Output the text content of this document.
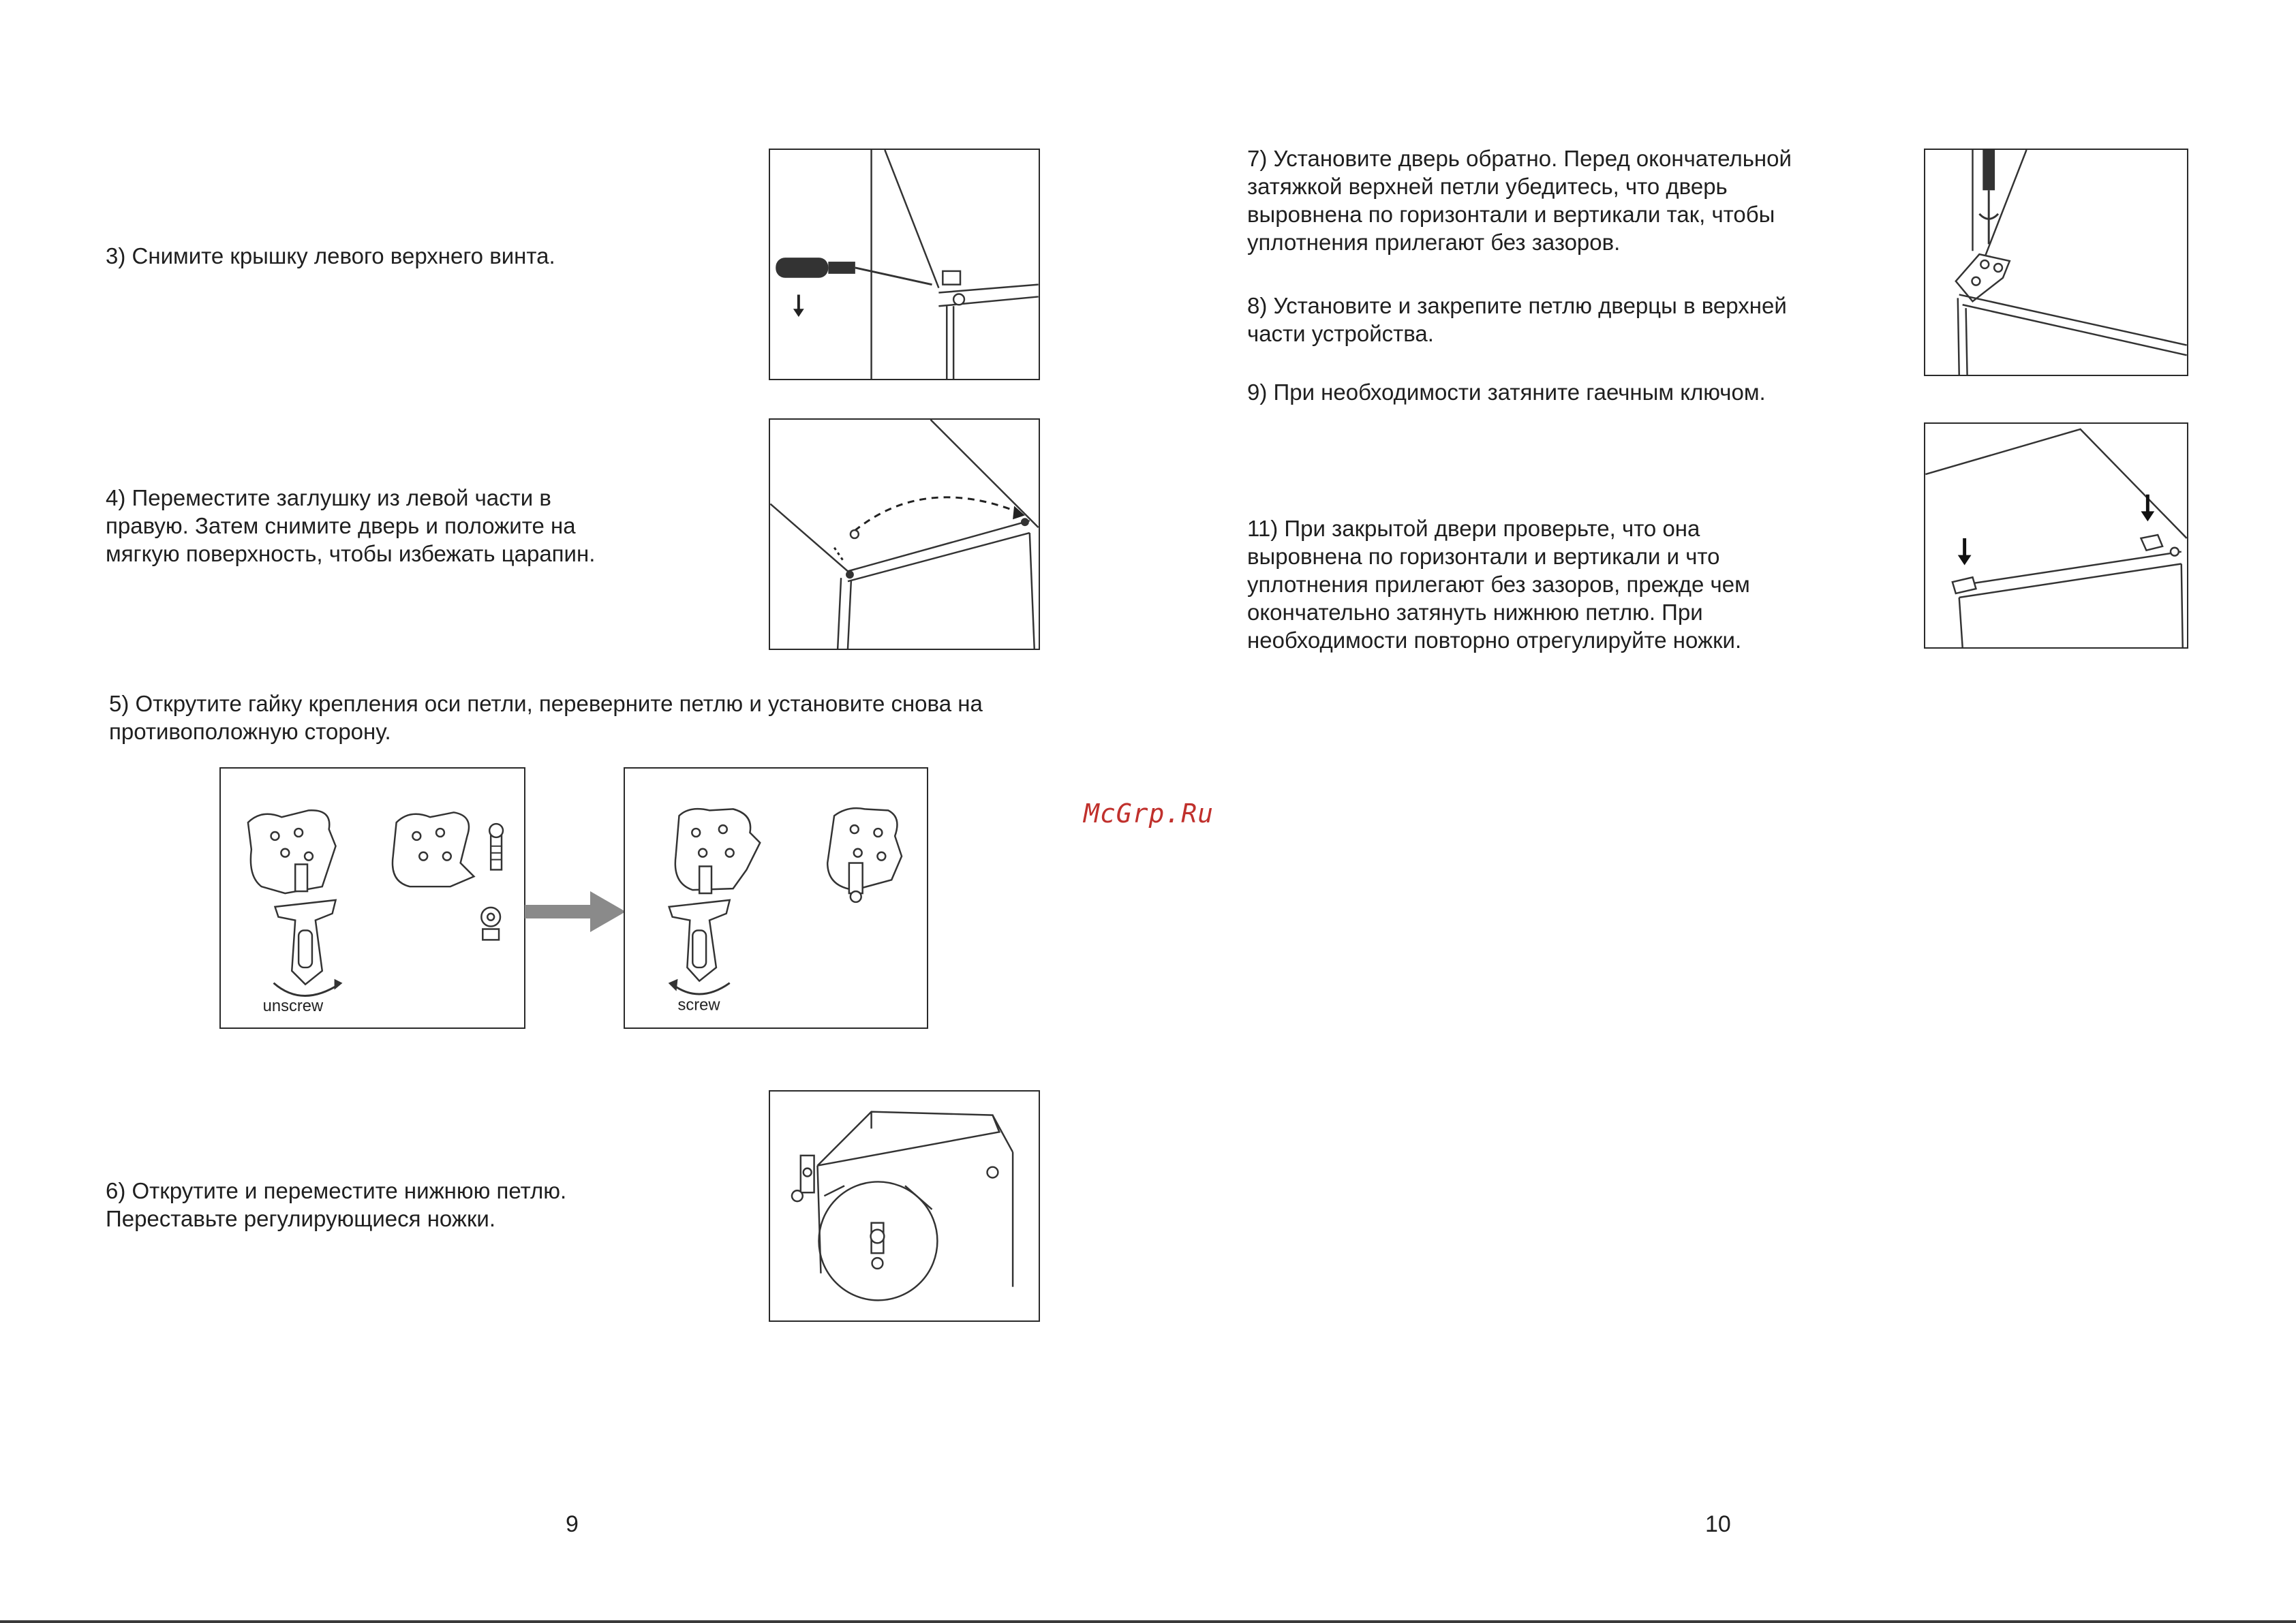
3) Снимите крышку левого верхнего винта.
4) Переместите заглушку из левой части в
правую. Затем снимите дверь и положите на
мягкую поверхность, чтобы избежать царапин.
5) Открутите гайку крепления оси петли, переверните петлю и установите снова на
противоположную сторону.
6) Открутите и переместите нижнюю петлю.
Переставьте регулирующиеся ножки.
unscrew	screw
9
McGrp.Ru
7) Установите дверь обратно. Перед окончательной
затяжкой верхней петли убедитесь, что дверь
выровнена по горизонтали и вертикали так, чтобы
уплотнения прилегают без зазоров.
8) Установите и закрепите петлю дверцы в верхней
части устройства.
9) При необходимости затяните гаечным ключом.
11) При закрытой двери проверьте, что она
выровнена по горизонтали и вертикали и что
уплотнения прилегают без зазоров, прежде чем
окончательно затянуть нижнюю петлю. При
необходимости повторно отрегулируйте ножки.
10
